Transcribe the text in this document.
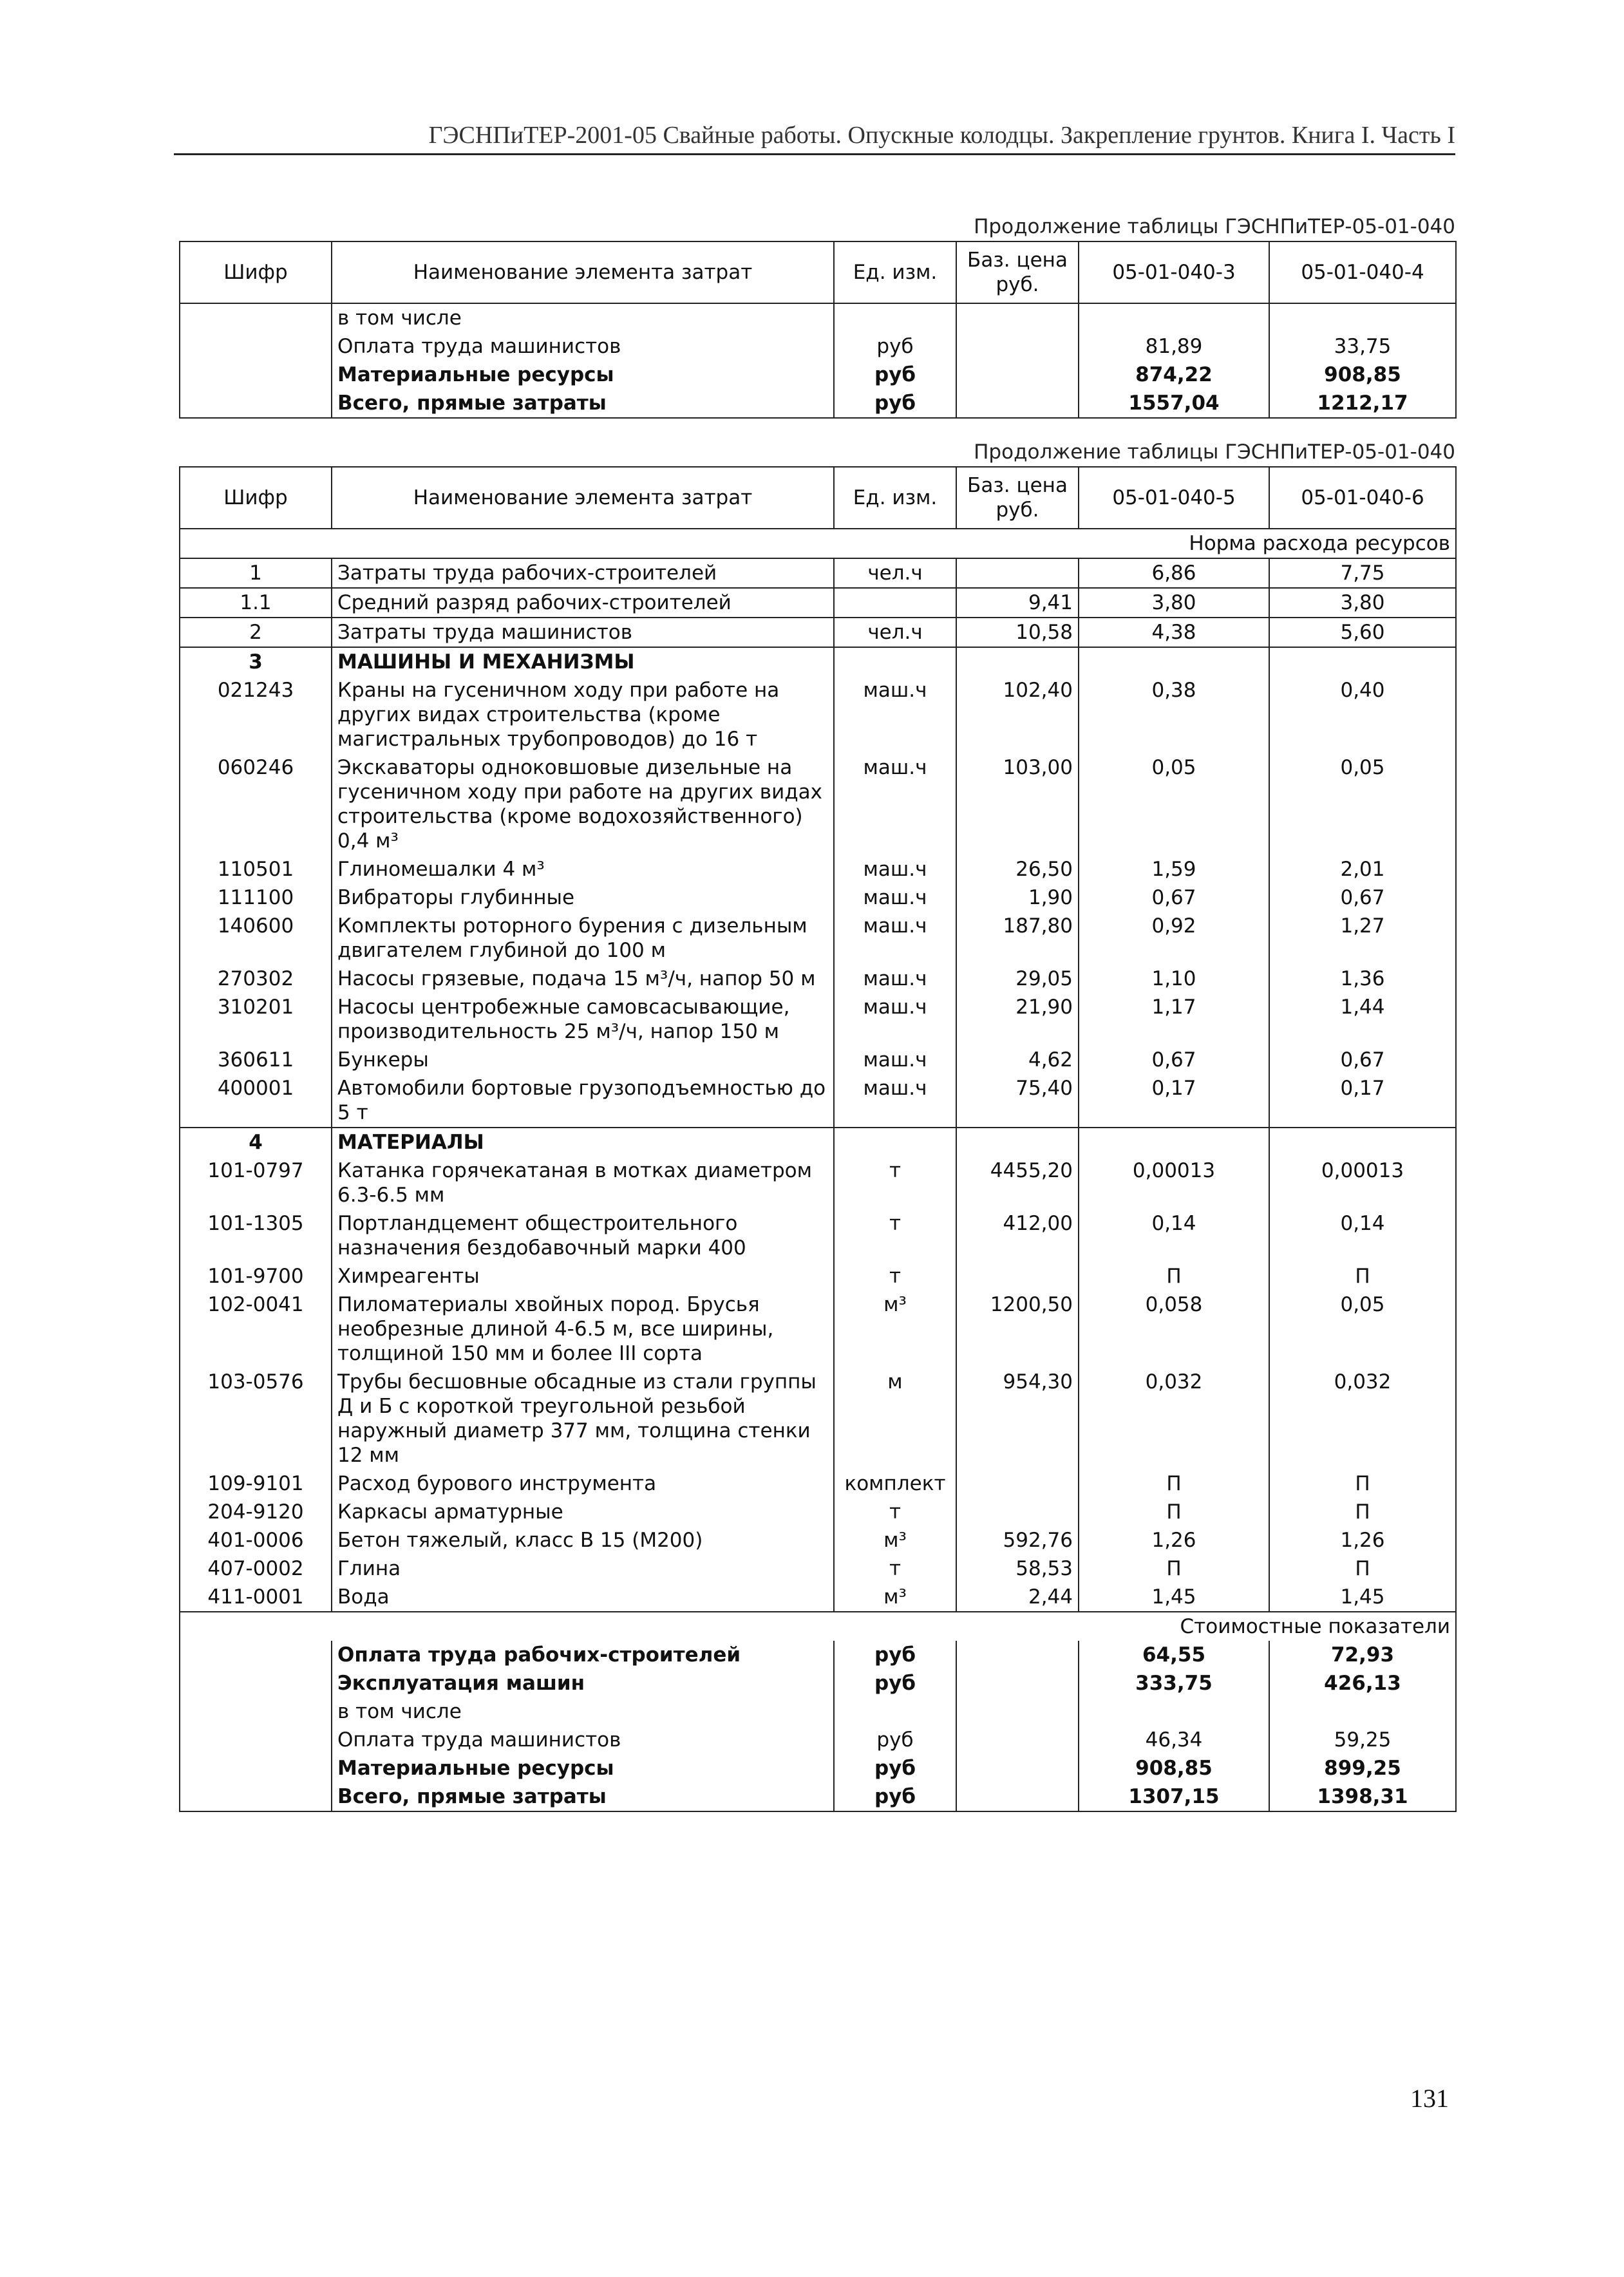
ГЭСНПиТЕР-2001-05 Свайные работы. Опускные колодцы. Закрепление грунтов. Книга I. Часть I
Продолжение таблицы ГЭСНПиТЕР-05-01-040
Шифр	Наименование элемента затрат	Ед. изм.	Баз. цена руб.	05-01-040-3	05-01-040-4
	в том числе				
	Оплата труда машинистов	руб		81,89	33,75
	Материальные ресурсы	руб		874,22	908,85
	Всего, прямые затраты	руб		1557,04	1212,17
Продолжение таблицы ГЭСНПиТЕР-05-01-040
Шифр	Наименование элемента затрат	Ед. изм.	Баз. цена руб.	05-01-040-5	05-01-040-6
Норма расхода ресурсов					
1	Затраты труда рабочих-строителей	чел.ч		6,86	7,75
1.1	Средний разряд рабочих-строителей		9,41	3,80	3,80
2	Затраты труда машинистов	чел.ч	10,58	4,38	5,60
3	МАШИНЫ И МЕХАНИЗМЫ				
021243	Краны на гусеничном ходу при работе на других видах строительства (кроме магистральных трубопроводов) до 16 т	маш.ч	102,40	0,38	0,40
060246	Экскаваторы одноковшовые дизельные на гусеничном ходу при работе на других видах строительства (кроме водохозяйственного) 0,4 м³	маш.ч	103,00	0,05	0,05
110501	Глиномешалки 4 м³	маш.ч	26,50	1,59	2,01
111100	Вибраторы глубинные	маш.ч	1,90	0,67	0,67
140600	Комплекты роторного бурения с дизельным двигателем глубиной до 100 м	маш.ч	187,80	0,92	1,27
270302	Насосы грязевые, подача 15 м³/ч, напор 50 м	маш.ч	29,05	1,10	1,36
310201	Насосы центробежные самовсасывающие, производительность 25 м³/ч, напор 150 м	маш.ч	21,90	1,17	1,44
360611	Бункеры	маш.ч	4,62	0,67	0,67
400001	Автомобили бортовые грузоподъемностью до 5 т	маш.ч	75,40	0,17	0,17
4	МАТЕРИАЛЫ				
101-0797	Катанка горячекатаная в мотках диаметром 6.3-6.5 мм	т	4455,20	0,00013	0,00013
101-1305	Портландцемент общестроительного назначения бездобавочный марки 400	т	412,00	0,14	0,14
101-9700	Химреагенты	т		П	П
102-0041	Пиломатериалы хвойных пород. Брусья необрезные длиной 4-6.5 м, все ширины, толщиной 150 мм и более III сорта	м³	1200,50	0,058	0,05
103-0576	Трубы бесшовные обсадные из стали группы Д и Б с короткой треугольной резьбой наружный диаметр 377 мм, толщина стенки 12 мм	м	954,30	0,032	0,032
109-9101	Расход бурового инструмента	комплект		П	П
204-9120	Каркасы арматурные	т		П	П
401-0006	Бетон тяжелый, класс В 15 (М200)	м³	592,76	1,26	1,26
407-0002	Глина	т	58,53	П	П
411-0001	Вода	м³	2,44	1,45	1,45
Стоимостные показатели					
	Оплата труда рабочих-строителей	руб		64,55	72,93
	Эксплуатация машин	руб		333,75	426,13
	в том числе				
	Оплата труда машинистов	руб		46,34	59,25
	Материальные ресурсы	руб		908,85	899,25
	Всего, прямые затраты	руб		1307,15	1398,31
131
